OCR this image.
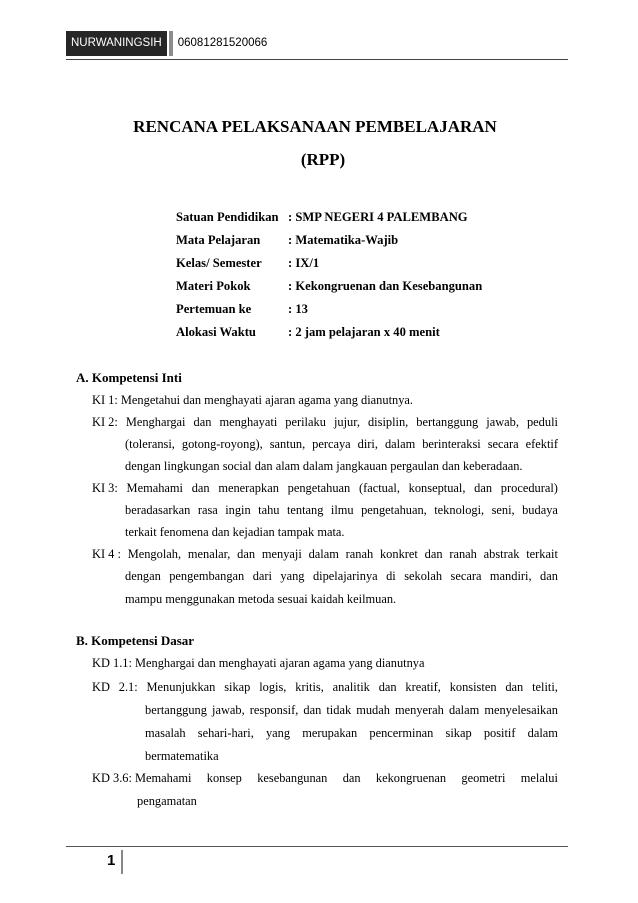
NURWANINGSIH	06081281520066
RENCANA PELAKSANAAN PEMBELAJARAN
(RPP)
Satuan Pendidikan : SMP NEGERI 4 PALEMBANG
Mata Pelajaran : Matematika-Wajib
Kelas/ Semester : IX/1
Materi Pokok	: Kekongruenan dan Kesebangunan
Pertemuan ke	: 13
Alokasi Waktu	: 2 jam pelajaran x 40 menit
A. Kompetensi Inti
KI 1: Mengetahui dan menghayati ajaran agama yang dianutnya.
KI 2: Menghargai dan menghayati perilaku jujur, disiplin, bertanggung jawab, peduli
(toleransi, gotong-royong), santun, percaya diri, dalam berinteraksi secara efektif
dengan lingkungan social dan alam dalam jangkauan pergaulan dan keberadaan.
KI 3: Memahami dan menerapkan pengetahuan (factual, konseptual, dan procedural)
beradasarkan rasa ingin tahu tentang ilmu pengetahuan, teknologi, seni, budaya
terkait fenomena dan kejadian tampak mata.
KI 4 : Mengolah, menalar, dan menyaji dalam ranah konkret dan ranah abstrak terkait
dengan pengembangan dari yang dipelajarinya di sekolah secara mandiri, dan
mampu menggunakan metoda sesuai kaidah keilmuan.
B. Kompetensi Dasar
KD 1.1: Menghargai dan menghayati ajaran agama yang dianutnya
KD 2.1: Menunjukkan sikap logis, kritis, analitik dan kreatif, konsisten dan teliti,
bertanggung jawab, responsif, dan tidak mudah menyerah dalam menyelesaikan
masalah sehari-hari, yang merupakan pencerminan sikap positif dalam
bermatematika
KD 3.6: Memahami konsep kesebangunan dan kekongruenan geometri melalui
pengamatan
1
